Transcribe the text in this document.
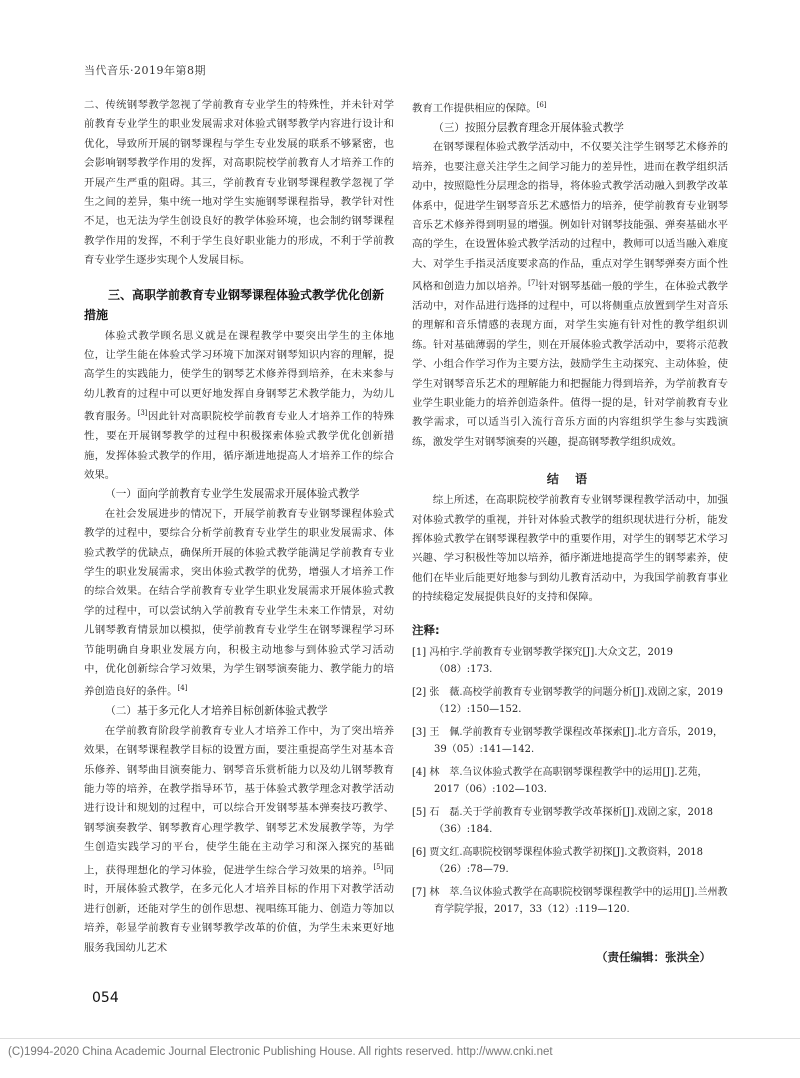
当代音乐·2019年第8期

二、传统钢琴教学忽视了学前教育专业学生的特殊性，并未针对学前教育专业学生的职业发展需求对体验式钢琴教学内容进行设计和优化，导致所开展的钢琴课程与学生专业发展的联系不够紧密，也会影响钢琴教学作用的发挥，对高职院校学前教育人才培养工作的开展产生严重的阻碍。其三，学前教育专业钢琴课程教学忽视了学生之间的差异，集中统一地对学生实施钢琴课程指导，教学针对性不足，也无法为学生创设良好的教学体验环境，也会制约钢琴课程教学作用的发挥，不利于学生良好职业能力的形成，不利于学前教育专业学生逐步实现个人发展目标。

三、高职学前教育专业钢琴课程体验式教学优化创新措施

体验式教学顾名思义就是在课程教学中要突出学生的主体地位，让学生能在体验式学习环境下加深对钢琴知识内容的理解，提高学生的实践能力，使学生的钢琴艺术修养得到培养，在未来参与幼儿教育的过程中可以更好地发挥自身钢琴艺术教学能力，为幼儿教育服务。[3]因此针对高职院校学前教育专业人才培养工作的特殊性，要在开展钢琴教学的过程中积极探索体验式教学优化创新措施，发挥体验式教学的作用，循序渐进地提高人才培养工作的综合效果。

（一）面向学前教育专业学生发展需求开展体验式教学

在社会发展进步的情况下，开展学前教育专业钢琴课程体验式教学的过程中，要综合分析学前教育专业学生的职业发展需求、体验式教学的优缺点，确保所开展的体验式教学能满足学前教育专业学生的职业发展需求，突出体验式教学的优势，增强人才培养工作的综合效果。在结合学前教育专业学生职业发展需求开展体验式教学的过程中，可以尝试纳入学前教育专业学生未来工作情景，对幼儿钢琴教育情景加以模拟，使学前教育专业学生在钢琴课程学习环节能明确自身职业发展方向，积极主动地参与到体验式学习活动中，优化创新综合学习效果，为学生钢琴演奏能力、教学能力的培养创造良好的条件。[4]

（二）基于多元化人才培养目标创新体验式教学

在学前教育阶段学前教育专业人才培养工作中，为了突出培养效果，在钢琴课程教学目标的设置方面，要注重提高学生对基本音乐修养、钢琴曲目演奏能力、钢琴音乐赏析能力以及幼儿钢琴教育能力等的培养，在教学指导环节，基于体验式教学理念对教学活动进行设计和规划的过程中，可以综合开发钢琴基本弹奏技巧教学、钢琴演奏教学、钢琴教育心理学教学、钢琴艺术发展教学等，为学生创造实践学习的平台，使学生能在主动学习和深入探究的基础上，获得理想化的学习体验，促进学生综合学习效果的培养。[5]同时，开展体验式教学，在多元化人才培养目标的作用下对教学活动进行创新，还能对学生的创作思想、视唱练耳能力、创造力等加以培养，彰显学前教育专业钢琴教学改革的价值，为学生未来更好地服务我国幼儿艺术

教育工作提供相应的保障。[6]

（三）按照分层教育理念开展体验式教学

在钢琴课程体验式教学活动中，不仅要关注学生钢琴艺术修养的培养，也要注意关注学生之间学习能力的差异性，进而在教学组织活动中，按照隐性分层理念的指导，将体验式教学活动融入到教学改革体系中，促进学生钢琴音乐艺术感悟力的培养，使学前教育专业钢琴音乐艺术修养得到明显的增强。例如针对钢琴技能强、弹奏基础水平高的学生，在设置体验式教学活动的过程中，教师可以适当融入难度大、对学生手指灵活度要求高的作品，重点对学生钢琴弹奏方面个性风格和创造力加以培养。[7]针对钢琴基础一般的学生，在体验式教学活动中，对作品进行选择的过程中，可以将侧重点放置到学生对音乐的理解和音乐情感的表现方面，对学生实施有针对性的教学组织训练。针对基础薄弱的学生，则在开展体验式教学活动中，要将示范教学、小组合作学习作为主要方法，鼓励学生主动探究、主动体验，使学生对钢琴音乐艺术的理解能力和把握能力得到培养，为学前教育专业学生职业能力的培养创造条件。值得一提的是，针对学前教育专业教学需求，可以适当引入流行音乐方面的内容组织学生参与实践演练，激发学生对钢琴演奏的兴趣，提高钢琴教学组织成效。

结 语

综上所述，在高职院校学前教育专业钢琴课程教学活动中，加强对体验式教学的重视，并针对体验式教学的组织现状进行分析，能发挥体验式教学在钢琴课程教学中的重要作用，对学生的钢琴艺术学习兴趣、学习积极性等加以培养，循序渐进地提高学生的钢琴素养，使他们在毕业后能更好地参与到幼儿教育活动中，为我国学前教育事业的持续稳定发展提供良好的支持和保障。

注释:
[1] 冯柏宇.学前教育专业钢琴教学探究[J].大众文艺，2019（08）:173.
[2] 张　薇.高校学前教育专业钢琴教学的问题分析[J].戏剧之家，2019（12）:150—152.
[3] 王　佩.学前教育专业钢琴教学课程改革探索[J].北方音乐，2019，39（05）:141—142.
[4] 林　萃.刍议体验式教学在高职钢琴课程教学中的运用[J].艺苑，2017（06）:102—103.
[5] 石　磊.关于学前教育专业钢琴教学改革探析[J].戏剧之家，2018（36）:184.
[6] 贾文红.高职院校钢琴课程体验式教学初探[J].文教资料，2018（26）:78—79.
[7] 林　萃.刍议体验式教学在高职院校钢琴课程教学中的运用[J].兰州教育学院学报，2017，33（12）:119—120.
（责任编辑：张洪全）
054
(C)1994-2020 China Academic Journal Electronic Publishing House. All rights reserved. http://www.cnki.net
